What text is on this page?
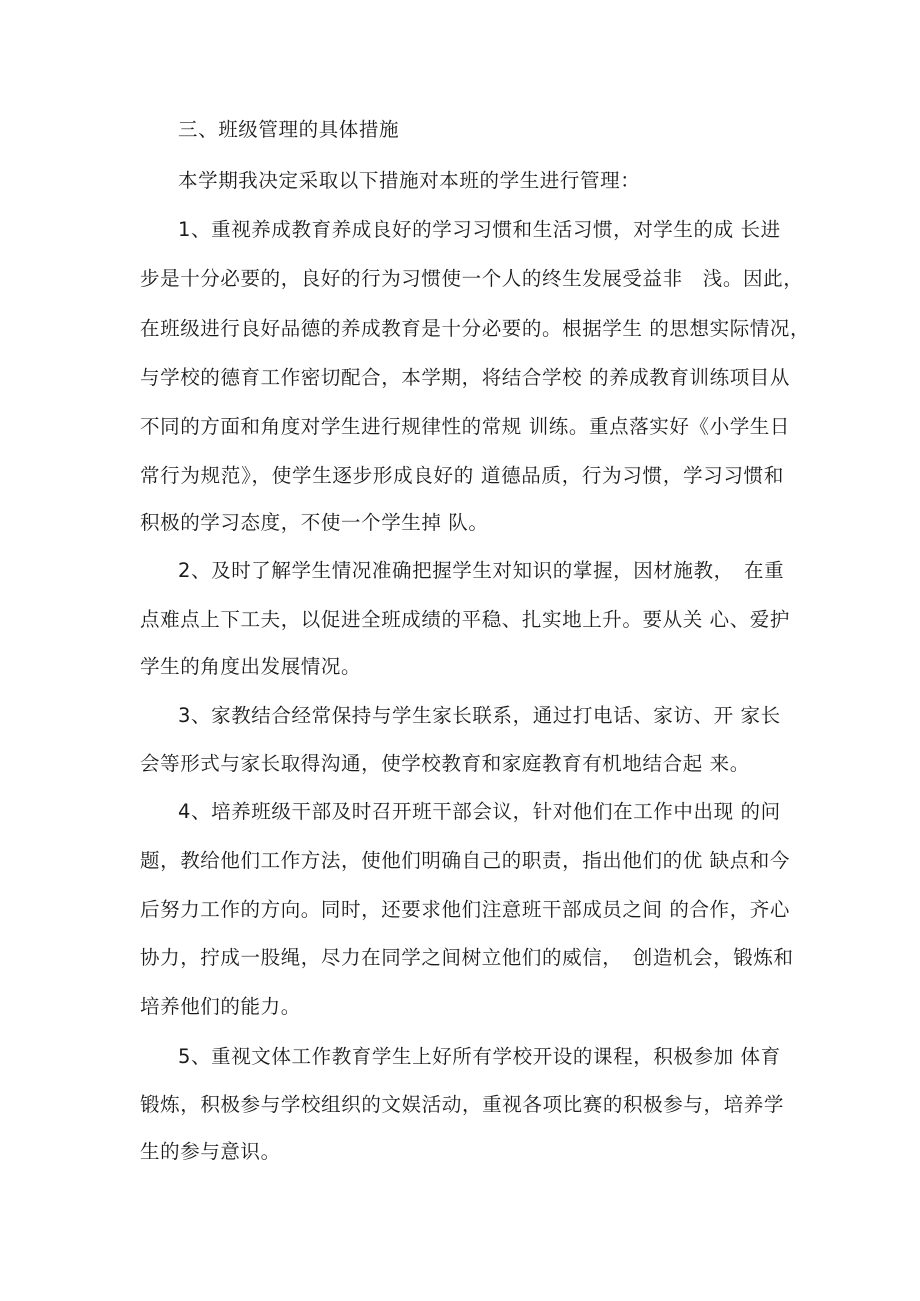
三、班级管理的具体措施

本学期我决定采取以下措施对本班的学生进行管理：

1、重视养成教育养成良好的学习习惯和生活习惯，对学生的成 长进

步是十分必要的，良好的行为习惯使一个人的终生发展受益非　浅。因此，

在班级进行良好品德的养成教育是十分必要的。根据学生 的思想实际情况，

与学校的德育工作密切配合，本学期，将结合学校 的养成教育训练项目从

不同的方面和角度对学生进行规律性的常规 训练。重点落实好《小学生日

常行为规范》，使学生逐步形成良好的 道德品质，行为习惯，学习习惯和

积极的学习态度，不使一个学生掉 队。

2、及时了解学生情况准确把握学生对知识的掌握，因材施教，　在重

点难点上下工夫，以促进全班成绩的平稳、扎实地上升。要从关 心、爱护

学生的角度出发展情况。

3、家教结合经常保持与学生家长联系，通过打电话、家访、开 家长

会等形式与家长取得沟通，使学校教育和家庭教育有机地结合起 来。

4、培养班级干部及时召开班干部会议，针对他们在工作中出现 的问

题，教给他们工作方法，使他们明确自己的职责，指出他们的优 缺点和今

后努力工作的方向。同时，还要求他们注意班干部成员之间 的合作，齐心

协力，拧成一股绳，尽力在同学之间树立他们的威信，　创造机会，锻炼和

培养他们的能力。

5、重视文体工作教育学生上好所有学校开设的课程，积极参加 体育

锻炼，积极参与学校组织的文娱活动，重视各项比赛的积极参与，培养学

生的参与意识。
